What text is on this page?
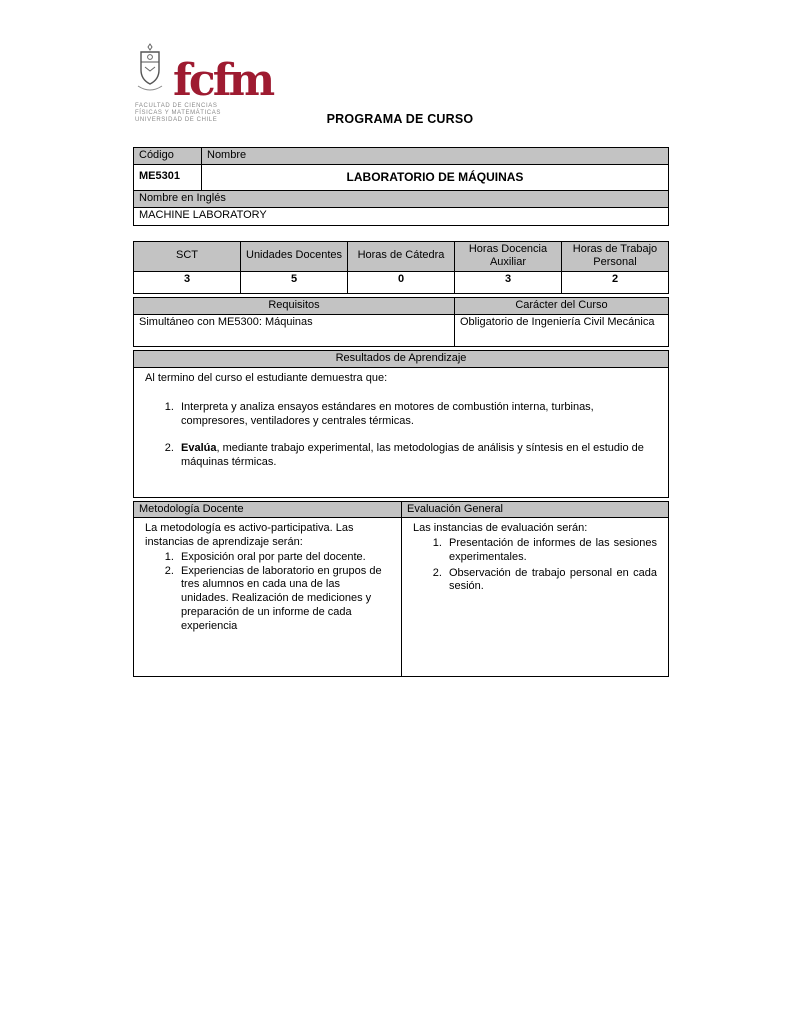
fcfm
FACULTAD DE CIENCIAS
FÍSICAS Y MATEMÁTICAS
UNIVERSIDAD DE CHILE	PROGRAMA DE CURSO
Código	Nombre
ME5301	LABORATORIO DE MÁQUINAS
Nombre en Inglés
MACHINE LABORATORY
SCT	Unidades Docentes	Horas de Cátedra	Horas Docencia Auxiliar	Horas de Trabajo Personal
3	5	0	3	2
Requisitos	Carácter del Curso
Simultáneo con ME5300: Máquinas	Obligatorio de Ingeniería Civil Mecánica
Resultados de Aprendizaje

Al termino del curso el estudiante demuestra que:
1. Interpreta y analiza ensayos estándares en motores de combustión interna, turbinas, compresores, ventiladores y centrales térmicas.
2. Evalúa, mediante trabajo experimental, las metodologias de análisis y síntesis en el estudio de máquinas térmicas.
Metodología Docente	Evaluación General

La metodología es activo-participativa. Las instancias de aprendizaje serán:
1. Exposición oral por parte del docente.
2. Experiencias de laboratorio en grupos de tres alumnos en cada una de las unidades. Realización de mediciones y preparación de un informe de cada experiencia

Las instancias de evaluación serán:
1. Presentación de informes de las sesiones experimentales.
2. Observación de trabajo personal en cada sesión.
